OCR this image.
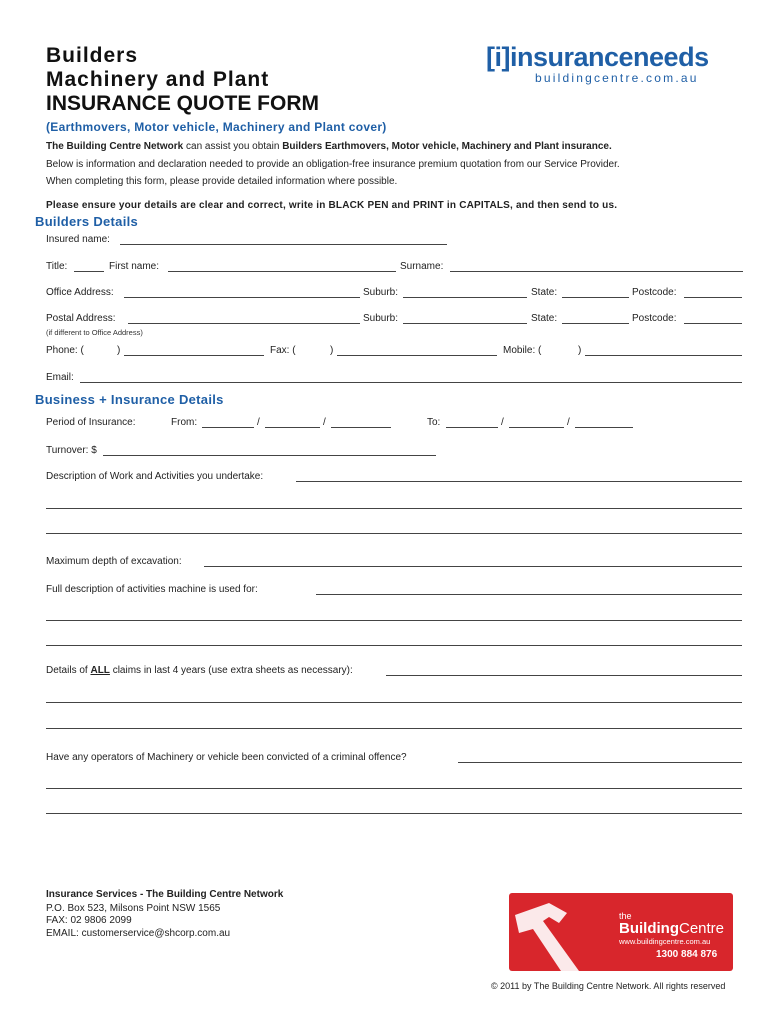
Builders
Machinery and Plant
INSURANCE QUOTE FORM
[i]insuranceneeds
buildingcentre.com.au
(Earthmovers, Motor vehicle, Machinery and Plant cover)
The Building Centre Network can assist you obtain Builders Earthmovers, Motor vehicle, Machinery and Plant insurance.
Below is information and declaration needed to provide an obligation-free insurance premium quotation from our Service Provider.
When completing this form, please provide detailed information where possible.
Please ensure your details are clear and correct, write in BLACK PEN and PRINT in CAPITALS, and then send to us.
Builders Details
Insured name:
Title:	First name:	Surname:
Office Address:	Suburb:	State:	Postcode:
Postal Address:	Suburb:	State:	Postcode:
(if different to Office Address)
Phone: (	)	Fax: (	)	Mobile: (	)
Email:
Business + Insurance Details
Period of Insurance:	From:	/	/	To:	/	/
Turnover: $
Description of Work and Activities you undertake:
Maximum depth of excavation:
Full description of activities machine is used for:
Details of ALL claims in last 4 years (use extra sheets as necessary):
Have any operators of Machinery or vehicle been convicted of a criminal offence?
Insurance Services - The Building Centre Network
P.O. Box 523, Milsons Point NSW 1565
FAX: 02 9806 2099
EMAIL: customerservice@shcorp.com.au
the
BuildingCentre
www.buildingcentre.com.au
1300 884 876
© 2011 by The Building Centre Network. All rights reserved
